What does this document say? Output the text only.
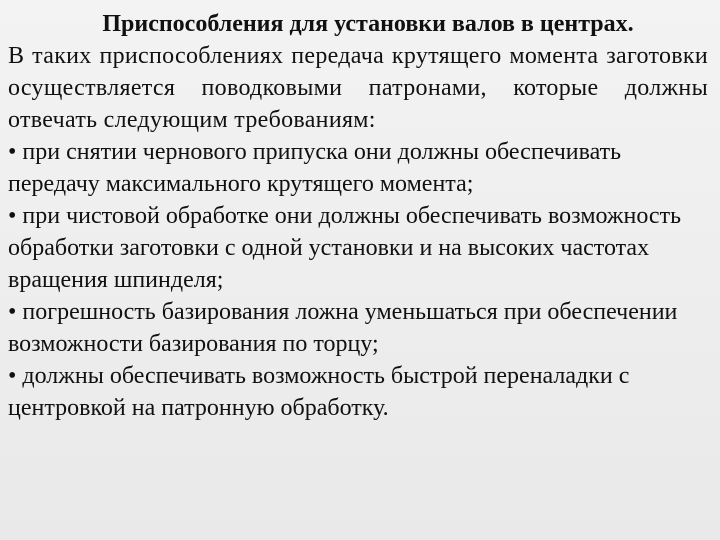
Приспособления для установки валов в центрах.

В таких приспособлениях передача крутящего момента заготовки осуществляется поводковыми патронами, которые должны отвечать следующим требованиям:

• при снятии чернового припуска они должны обеспечивать передачу максимального крутящего момента;

• при чистовой обработке они должны обеспечивать возможность обработки заготовки с одной установки и на высоких частотах вращения шпинделя;

• погрешность базирования ложна уменьшаться при обеспечении возможности базирования по торцу;

• должны обеспечивать возможность быстрой переналадки с центровкой на патронную обработку.
